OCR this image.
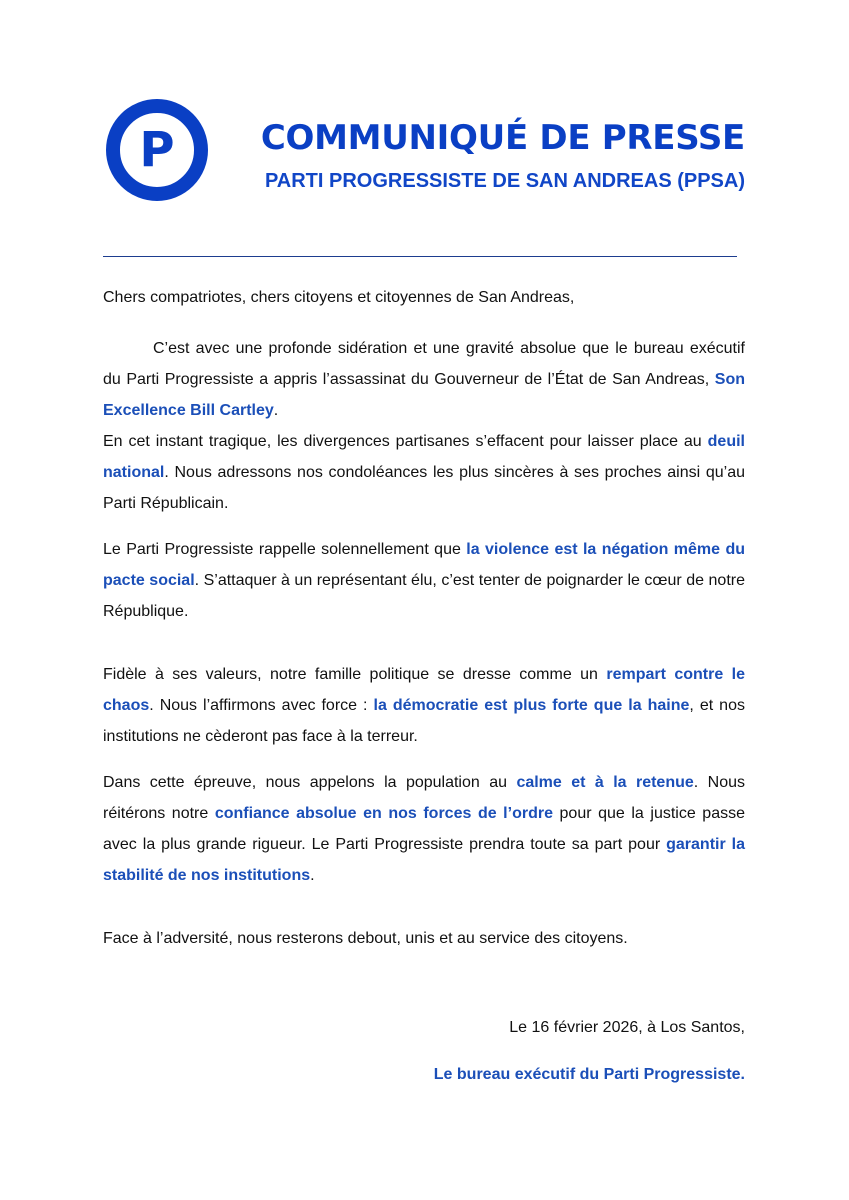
P	COMMUNIQUÉ DE PRESSE
PARTI PROGRESSISTE DE SAN ANDREAS (PPSA)

Chers compatriotes, chers citoyens et citoyennes de San Andreas,

C’est avec une profonde sidération et une gravité absolue que le bureau exécutif du Parti Progressiste a appris l’assassinat du Gouverneur de l’État de San Andreas, Son Excellence Bill Cartley.
En cet instant tragique, les divergences partisanes s’effacent pour laisser place au deuil national. Nous adressons nos condoléances les plus sincères à ses proches ainsi qu’au Parti Républicain.

Le Parti Progressiste rappelle solennellement que la violence est la négation même du pacte social. S’attaquer à un représentant élu, c’est tenter de poignarder le cœur de notre République.

Fidèle à ses valeurs, notre famille politique se dresse comme un rempart contre le chaos. Nous l’affirmons avec force : la démocratie est plus forte que la haine, et nos institutions ne cèderont pas face à la terreur.

Dans cette épreuve, nous appelons la population au calme et à la retenue. Nous réitérons notre confiance absolue en nos forces de l’ordre pour que la justice passe avec la plus grande rigueur. Le Parti Progressiste prendra toute sa part pour garantir la stabilité de nos institutions.

Face à l’adversité, nous resterons debout, unis et au service des citoyens.

Le 16 février 2026, à Los Santos,

Le bureau exécutif du Parti Progressiste.
